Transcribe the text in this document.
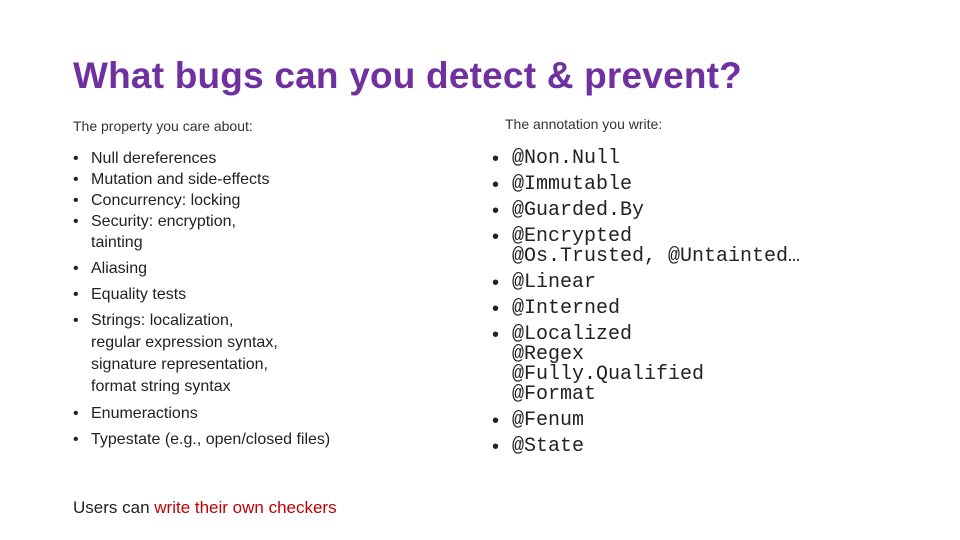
What bugs can you detect & prevent?
The property you care about:	The annotation you write:
• Null dereferences
• Mutation and side-effects
• Concurrency: locking
• Security: encryption,
tainting
• Aliasing
• Equality tests
• Strings: localization,
regular expression syntax,
signature representation,
format string syntax
• Enumeractions
• Typestate (e.g., open/closed files)
• @Non.Null
• @Immutable
• @Guarded.By
• @Encrypted
@Os.Trusted, @Untainted…
• @Linear
• @Interned
• @Localized
@Regex
@Fully.Qualified
@Format
• @Fenum
• @State
Users can write their own checkers
